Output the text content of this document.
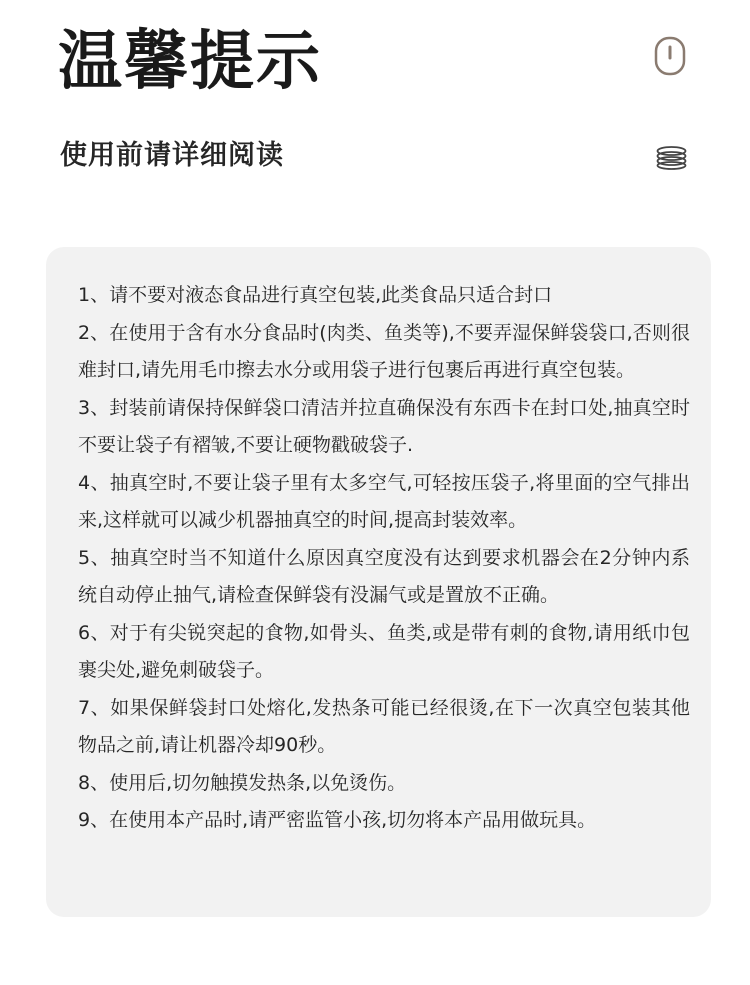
温馨提示
使用前请详细阅读
1、请不要对液态食品进行真空包装,此类食品只适合封口
2、在使用于含有水分食品时(肉类、鱼类等),不要弄湿保鲜袋袋口,否则很难封口,请先用毛巾擦去水分或用袋子进行包裹后再进行真空包装。
3、封装前请保持保鲜袋口清洁并拉直确保没有东西卡在封口处,抽真空时不要让袋子有褶皱,不要让硬物戳破袋子.
4、抽真空时,不要让袋子里有太多空气,可轻按压袋子,将里面的空气排出来,这样就可以减少机器抽真空的时间,提高封装效率。
5、抽真空时当不知道什么原因真空度没有达到要求机器会在2分钟内系统自动停止抽气,请检查保鲜袋有没漏气或是置放不正确。
6、对于有尖锐突起的食物,如骨头、鱼类,或是带有刺的食物,请用纸巾包裹尖处,避免刺破袋子。
7、如果保鲜袋封口处熔化,发热条可能已经很烫,在下一次真空包装其他物品之前,请让机器冷却90秒。
8、使用后,切勿触摸发热条,以免烫伤。
9、在使用本产品时,请严密监管小孩,切勿将本产品用做玩具。
